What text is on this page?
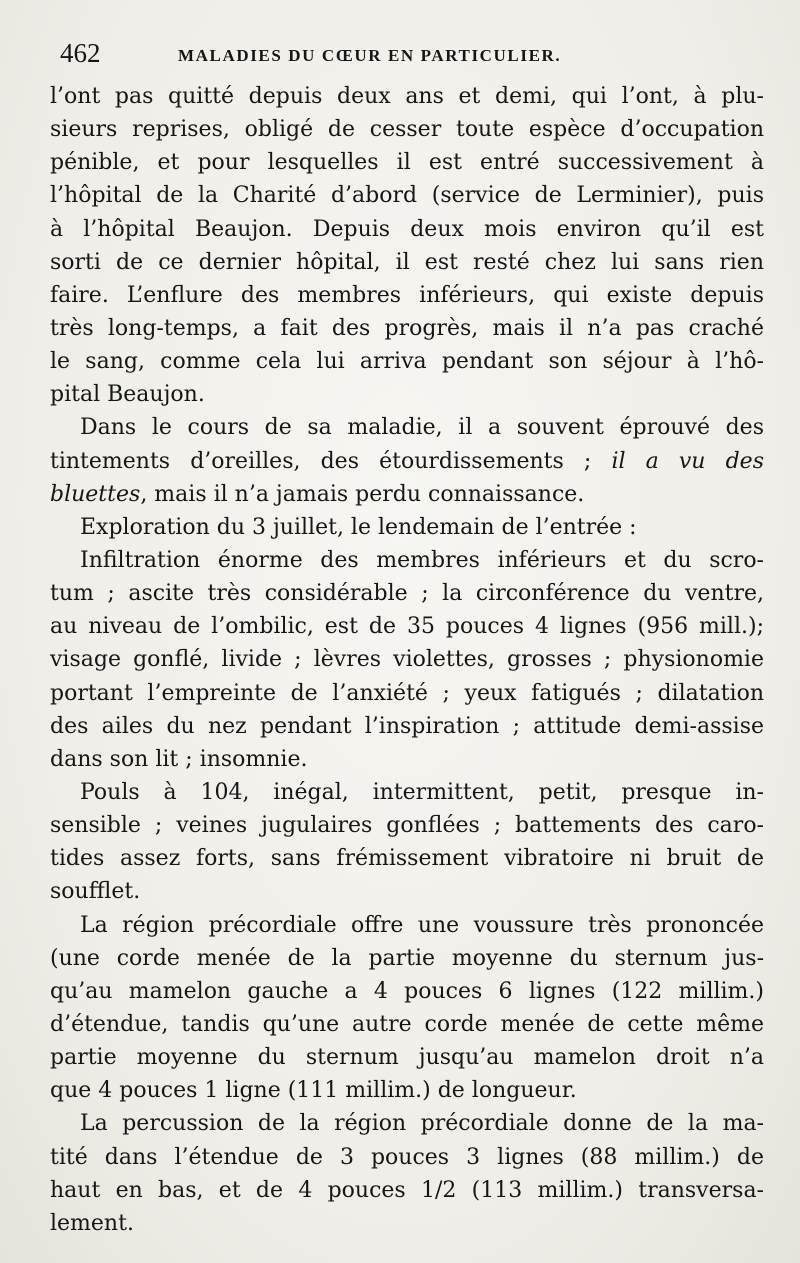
462	MALADIES DU CŒUR EN PARTICULIER.
l’ont pas quitté depuis deux ans et demi, qui l’ont, à plu-
sieurs reprises, obligé de cesser toute espèce d’occupation
pénible, et pour lesquelles il est entré successivement à
l’hôpital de la Charité d’abord (service de Lerminier), puis
à l’hôpital Beaujon. Depuis deux mois environ qu’il est
sorti de ce dernier hôpital, il est resté chez lui sans rien
faire. L’enflure des membres inférieurs, qui existe depuis
très long-temps, a fait des progrès, mais il n’a pas craché
le sang, comme cela lui arriva pendant son séjour à l’hô-
pital Beaujon.
Dans le cours de sa maladie, il a souvent éprouvé des
tintements d’oreilles, des étourdissements ; il a vu des
bluettes, mais il n’a jamais perdu connaissance.
Exploration du 3 juillet, le lendemain de l’entrée :
Infiltration énorme des membres inférieurs et du scro-
tum ; ascite très considérable ; la circonférence du ventre,
au niveau de l’ombilic, est de 35 pouces 4 lignes (956 mill.);
visage gonflé, livide ; lèvres violettes, grosses ; physionomie
portant l’empreinte de l’anxiété ; yeux fatigués ; dilatation
des ailes du nez pendant l’inspiration ; attitude demi-assise
dans son lit ; insomnie.
Pouls à 104, inégal, intermittent, petit, presque in-
sensible ; veines jugulaires gonflées ; battements des caro-
tides assez forts, sans frémissement vibratoire ni bruit de
soufflet.
La région précordiale offre une voussure très prononcée
(une corde menée de la partie moyenne du sternum jus-
qu’au mamelon gauche a 4 pouces 6 lignes (122 millim.)
d’étendue, tandis qu’une autre corde menée de cette même
partie moyenne du sternum jusqu’au mamelon droit n’a
que 4 pouces 1 ligne (111 millim.) de longueur.
La percussion de la région précordiale donne de la ma-
tité dans l’étendue de 3 pouces 3 lignes (88 millim.) de
haut en bas, et de 4 pouces 1/2 (113 millim.) transversa-
lement.
